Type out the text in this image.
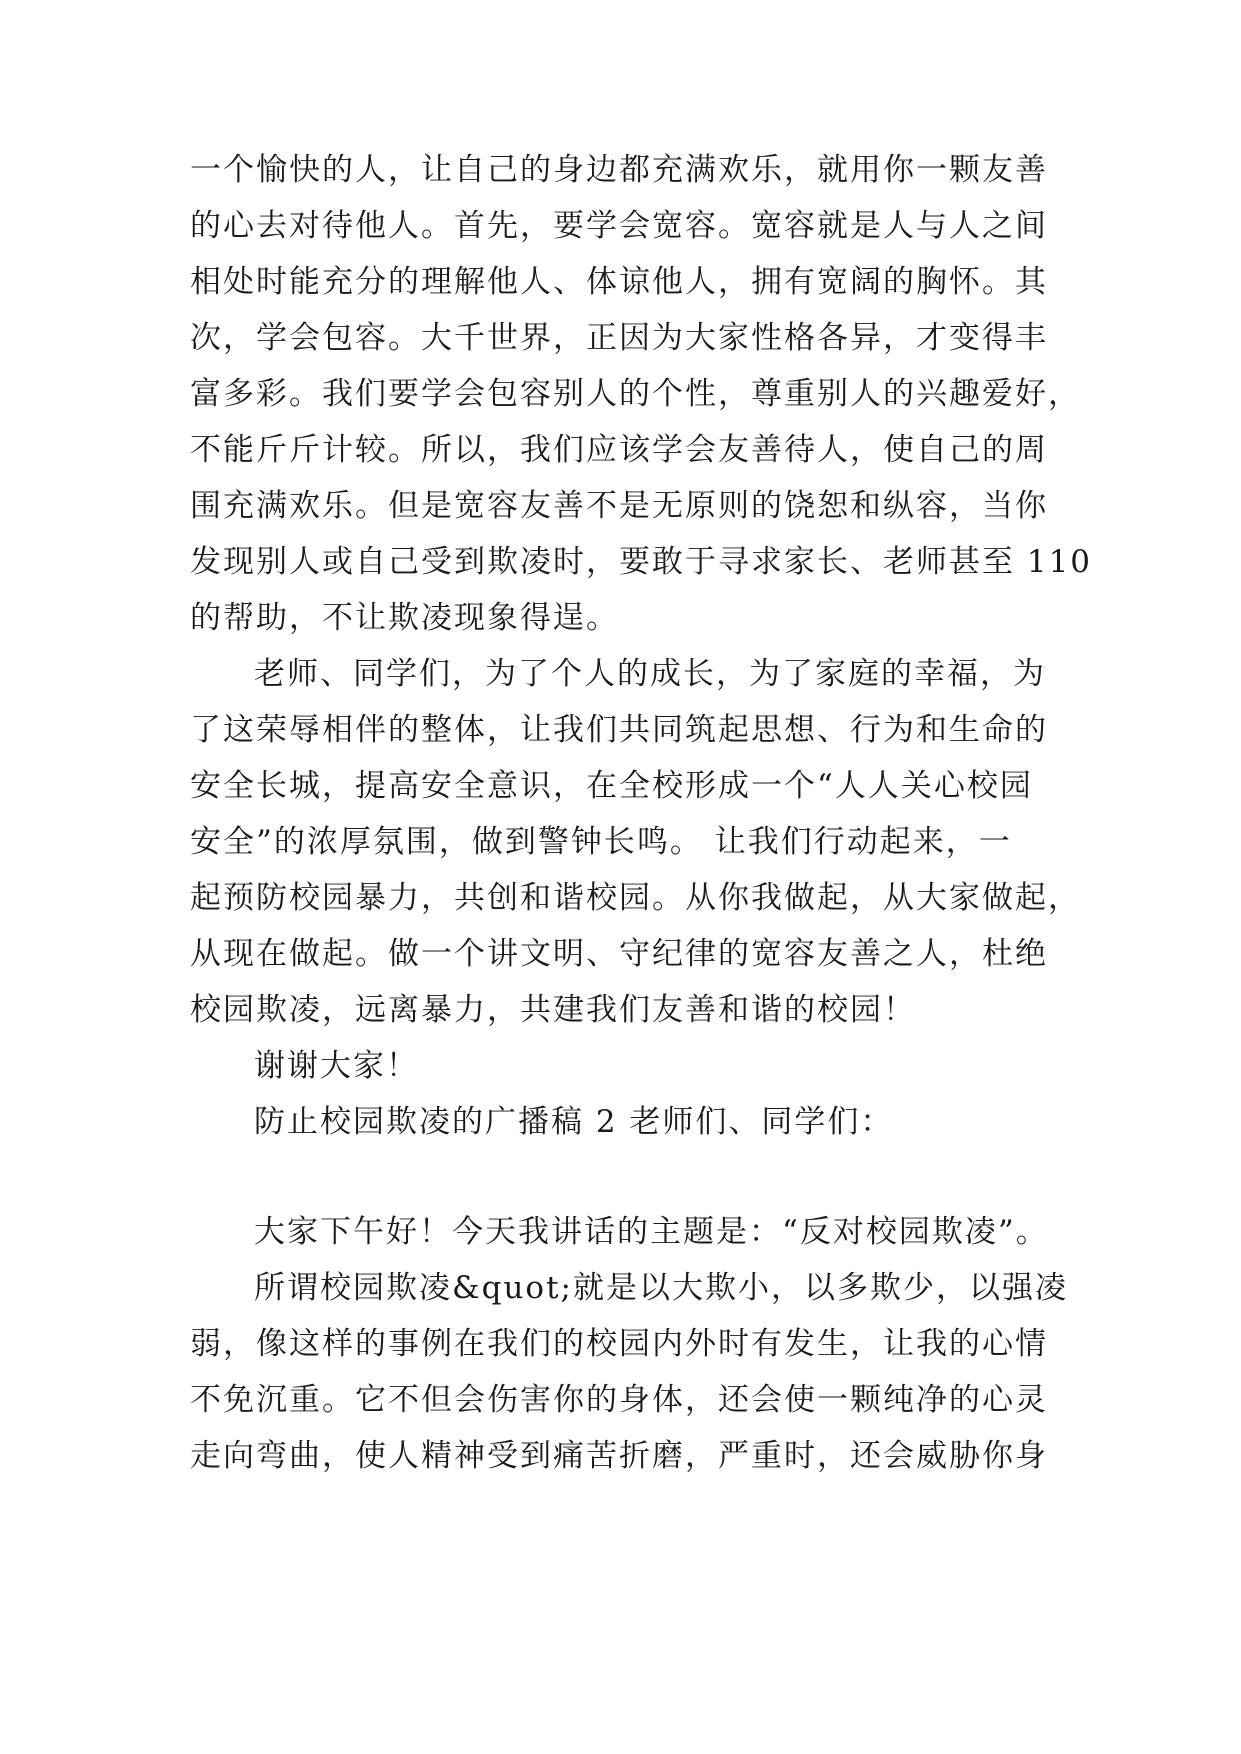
一个愉快的人，让自己的身边都充满欢乐，就用你一颗友善
的心去对待他人。首先，要学会宽容。宽容就是人与人之间
相处时能充分的理解他人、体谅他人，拥有宽阔的胸怀。其
次，学会包容。大千世界，正因为大家性格各异，才变得丰
富多彩。我们要学会包容别人的个性，尊重别人的兴趣爱好，
不能斤斤计较。所以，我们应该学会友善待人，使自己的周
围充满欢乐。但是宽容友善不是无原则的饶恕和纵容，当你
发现别人或自己受到欺凌时，要敢于寻求家长、老师甚至 110
的帮助，不让欺凌现象得逞。
老师、同学们，为了个人的成长，为了家庭的幸福，为
了这荣辱相伴的整体，让我们共同筑起思想、行为和生命的
安全长城，提高安全意识，在全校形成一个“人人关心校园
安全”的浓厚氛围，做到警钟长鸣。 让我们行动起来，一
起预防校园暴力，共创和谐校园。从你我做起，从大家做起，
从现在做起。做一个讲文明、守纪律的宽容友善之人，杜绝
校园欺凌，远离暴力，共建我们友善和谐的校园！
谢谢大家！
防止校园欺凌的广播稿 2 老师们、同学们：
大家下午好！今天我讲话的主题是：“反对校园欺凌”。
所谓校园欺凌&quot;就是以大欺小，以多欺少，以强凌
弱，像这样的事例在我们的校园内外时有发生，让我的心情
不免沉重。它不但会伤害你的身体，还会使一颗纯净的心灵
走向弯曲，使人精神受到痛苦折磨，严重时，还会威胁你身
